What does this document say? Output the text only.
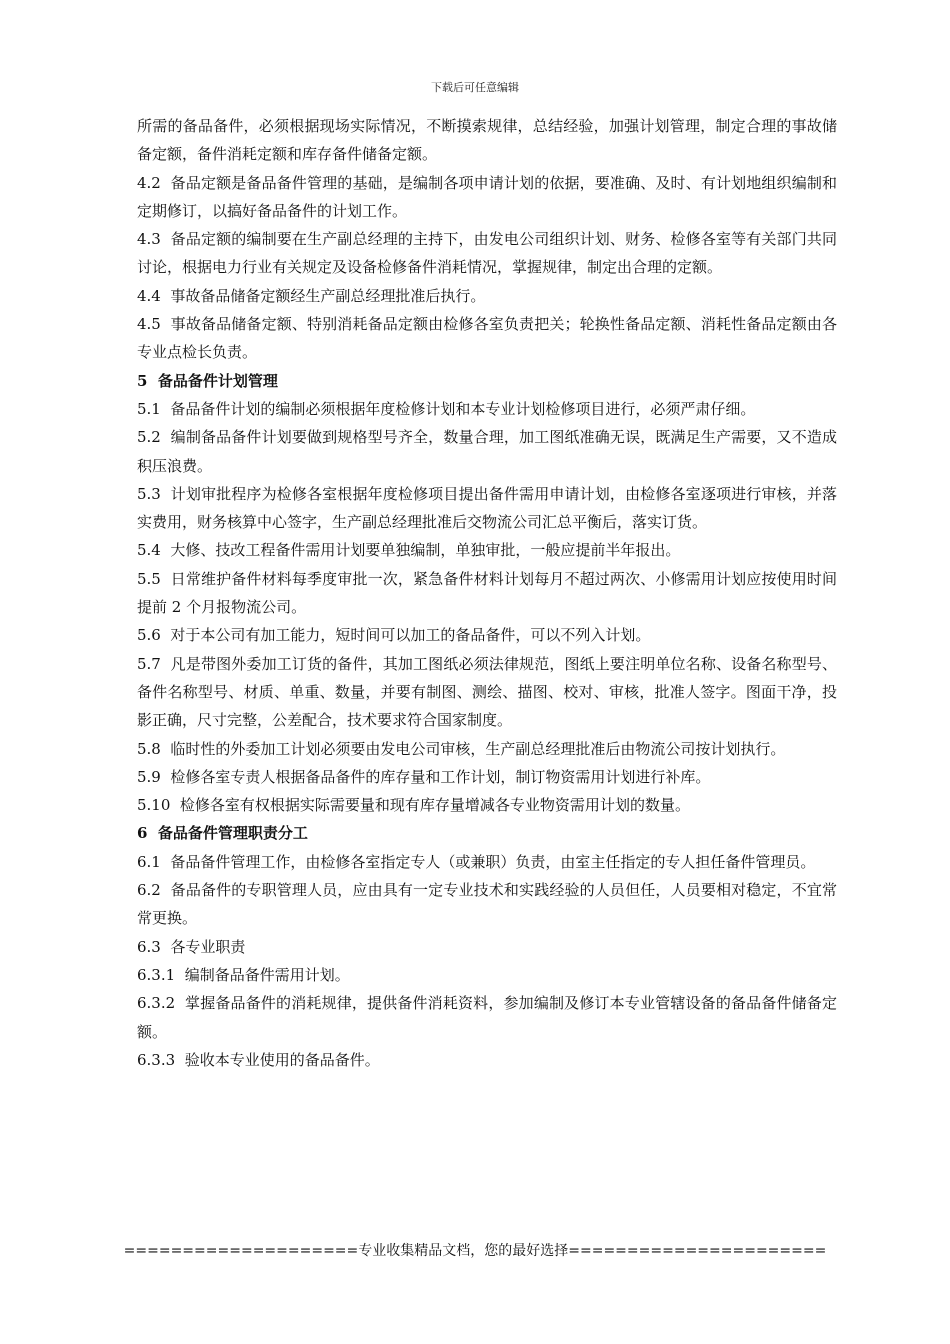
下载后可任意编辑

所需的备品备件，必须根据现场实际情况，不断摸索规律，总结经验，加强计划管理，制定合理的事故储备定额，备件消耗定额和库存备件储备定额。

4.2  备品定额是备品备件管理的基础，是编制各项申请计划的依据，要准确、及时、有计划地组织编制和定期修订，以搞好备品备件的计划工作。

4.3  备品定额的编制要在生产副总经理的主持下，由发电公司组织计划、财务、检修各室等有关部门共同讨论，根据电力行业有关规定及设备检修备件消耗情况，掌握规律，制定出合理的定额。

4.4  事故备品储备定额经生产副总经理批准后执行。

4.5  事故备品储备定额、特别消耗备品定额由检修各室负责把关；轮换性备品定额、消耗性备品定额由各专业点检长负责。

5  备品备件计划管理

5.1  备品备件计划的编制必须根据年度检修计划和本专业计划检修项目进行，必须严肃仔细。

5.2  编制备品备件计划要做到规格型号齐全，数量合理，加工图纸准确无误，既满足生产需要，又不造成积压浪费。

5.3  计划审批程序为检修各室根据年度检修项目提出备件需用申请计划，由检修各室逐项进行审核，并落实费用，财务核算中心签字，生产副总经理批准后交物流公司汇总平衡后，落实订货。

5.4  大修、技改工程备件需用计划要单独编制，单独审批，一般应提前半年报出。

5.5  日常维护备件材料每季度审批一次，紧急备件材料计划每月不超过两次、小修需用计划应按使用时间提前 2 个月报物流公司。

5.6  对于本公司有加工能力，短时间可以加工的备品备件，可以不列入计划。

5.7  凡是带图外委加工订货的备件，其加工图纸必须法律规范，图纸上要注明单位名称、设备名称型号、备件名称型号、材质、单重、数量，并要有制图、测绘、描图、校对、审核，批准人签字。图面干净，投影正确，尺寸完整，公差配合，技术要求符合国家制度。

5.8  临时性的外委加工计划必须要由发电公司审核，生产副总经理批准后由物流公司按计划执行。

5.9  检修各室专责人根据备品备件的库存量和工作计划，制订物资需用计划进行补库。

5.10  检修各室有权根据实际需要量和现有库存量增减各专业物资需用计划的数量。

6  备品备件管理职责分工

6.1  备品备件管理工作，由检修各室指定专人（或兼职）负责，由室主任指定的专人担任备件管理员。

6.2  备品备件的专职管理人员，应由具有一定专业技术和实践经验的人员但任，人员要相对稳定，不宜常常更换。

6.3  各专业职责

6.3.1  编制备品备件需用计划。

6.3.2  掌握备品备件的消耗规律，提供备件消耗资料，参加编制及修订本专业管辖设备的备品备件储备定额。

6.3.3  验收本专业使用的备品备件。

====================专业收集精品文档，您的最好选择======================
